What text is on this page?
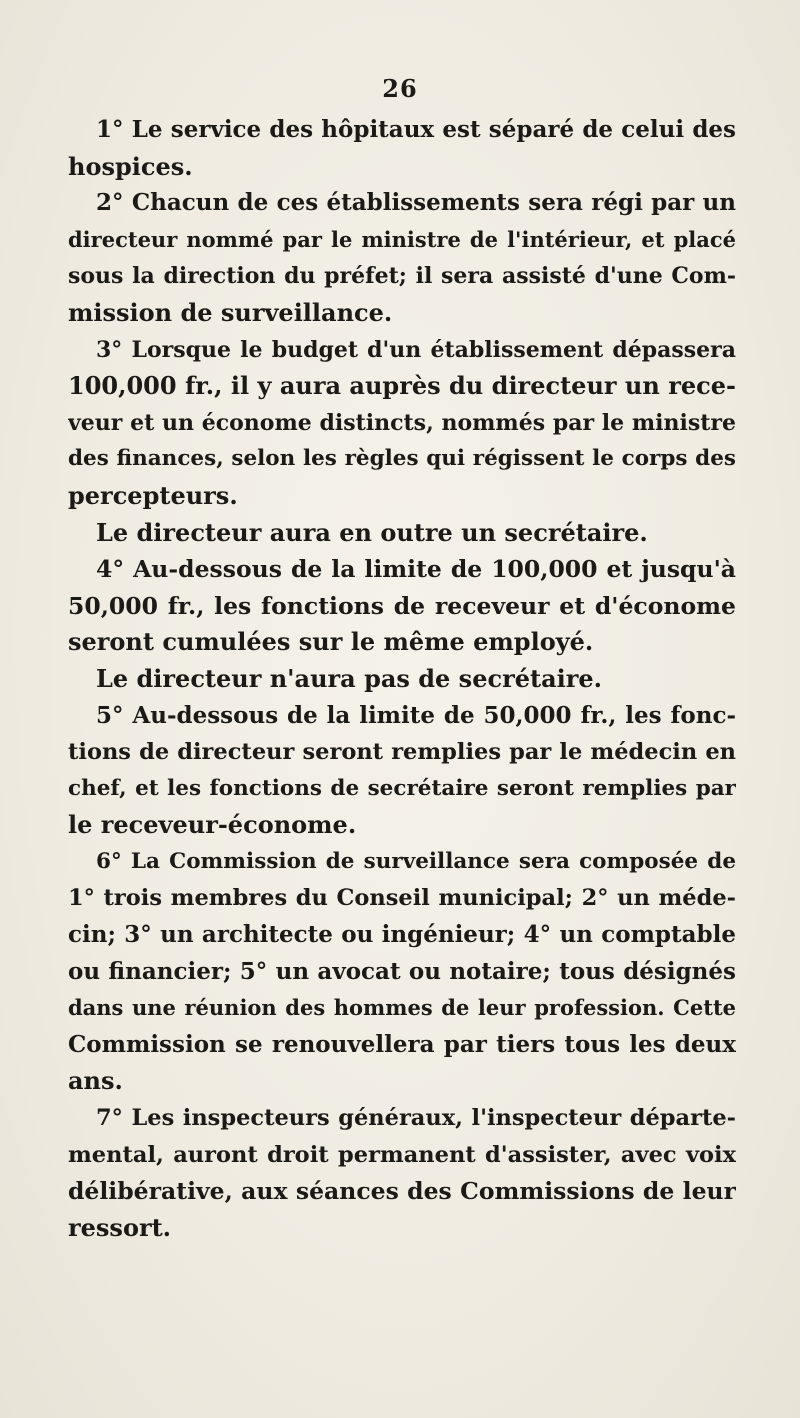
26
1° Le service des hôpitaux est séparé de celui des
hospices.
2° Chacun de ces établissements sera régi par un
directeur nommé par le ministre de l'intérieur, et placé
sous la direction du préfet; il sera assisté d'une Com-
mission de surveillance.
3° Lorsque le budget d'un établissement dépassera
100,000 fr., il y aura auprès du directeur un rece-
veur et un économe distincts, nommés par le ministre
des finances, selon les règles qui régissent le corps des
percepteurs.
Le directeur aura en outre un secrétaire.
4° Au-dessous de la limite de 100,000 et jusqu'à
50,000 fr., les fonctions de receveur et d'économe
seront cumulées sur le même employé.
Le directeur n'aura pas de secrétaire.
5° Au-dessous de la limite de 50,000 fr., les fonc-
tions de directeur seront remplies par le médecin en
chef, et les fonctions de secrétaire seront remplies par
le receveur-économe.
6° La Commission de surveillance sera composée de
1° trois membres du Conseil municipal; 2° un méde-
cin; 3° un architecte ou ingénieur; 4° un comptable
ou financier; 5° un avocat ou notaire; tous désignés
dans une réunion des hommes de leur profession. Cette
Commission se renouvellera par tiers tous les deux
ans.
7° Les inspecteurs généraux, l'inspecteur départe-
mental, auront droit permanent d'assister, avec voix
délibérative, aux séances des Commissions de leur
ressort.
